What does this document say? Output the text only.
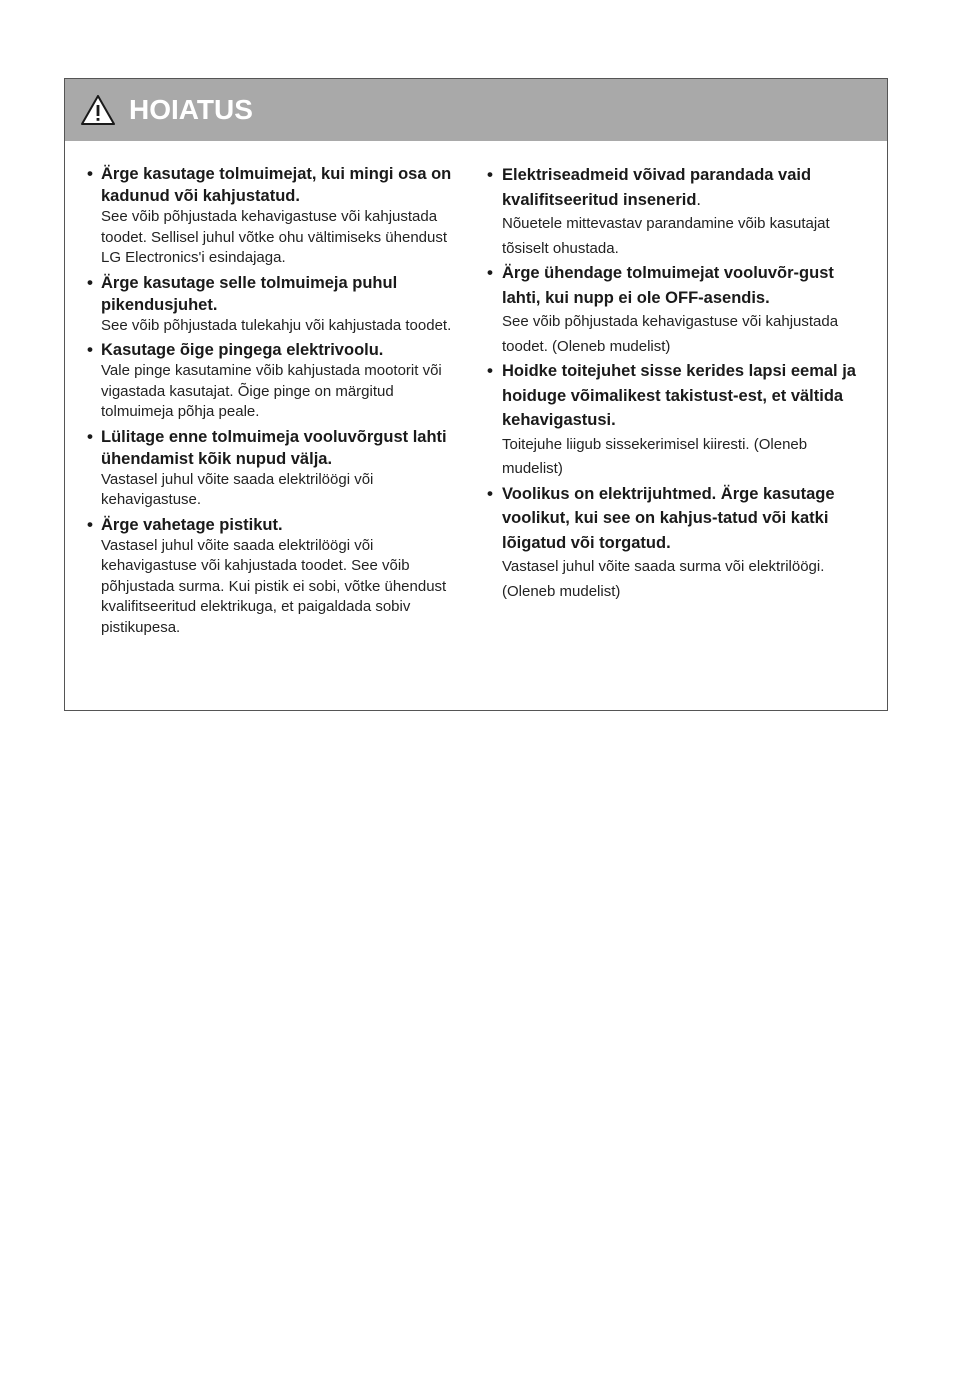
HOIATUS
• Ärge kasutage tolmuimejat, kui mingi osa on kadunud või kahjustatud.
See võib põhjustada kehavigastuse või kahjustada toodet. Sellisel juhul võtke ohu vältimiseks ühendust LG Electronics'i esindajaga.
• Ärge kasutage selle tolmuimeja puhul pikendusjuhet.
See võib põhjustada tulekahju või kahjustada toodet.
• Kasutage õige pingega elektrivoolu.
Vale pinge kasutamine võib kahjustada mootorit või vigastada kasutajat. Õige pinge on märgitud tolmuimeja põhja peale.
• Lülitage enne tolmuimeja vooluvõrgust lahti ühendamist kõik nupud välja.
Vastasel juhul võite saada elektrilöögi või kehavigastuse.
• Ärge vahetage pistikut.
Vastasel juhul võite saada elektrilöögi või kehavigastuse või kahjustada toodet. See võib põhjustada surma. Kui pistik ei sobi, võtke ühendust kvalifitseeritud elektrikuga, et paigaldada sobiv pistikupesa.
• Elektriseadmeid võivad parandada vaid kvalifitseeritud insenerid.
Nõuetele mittevastav parandamine võib kasutajat tõsiselt ohustada.
• Ärge ühendage tolmuimejat vooluvõr-gust lahti, kui nupp ei ole OFF-asendis.
See võib põhjustada kehavigastuse või kahjustada toodet. (Oleneb mudelist)
• Hoidke toitejuhet sisse kerides lapsi eemal ja hoiduge võimalikest takistust-est, et vältida kehavigastusi.
Toitejuhe liigub sissekerimisel kiiresti. (Oleneb mudelist)
• Voolikus on elektrijuhtmed. Ärge kasutage voolikut, kui see on kahjus-tatud või katki lõigatud või torgatud.
Vastasel juhul võite saada surma või elektrilöögi. (Oleneb mudelist)
